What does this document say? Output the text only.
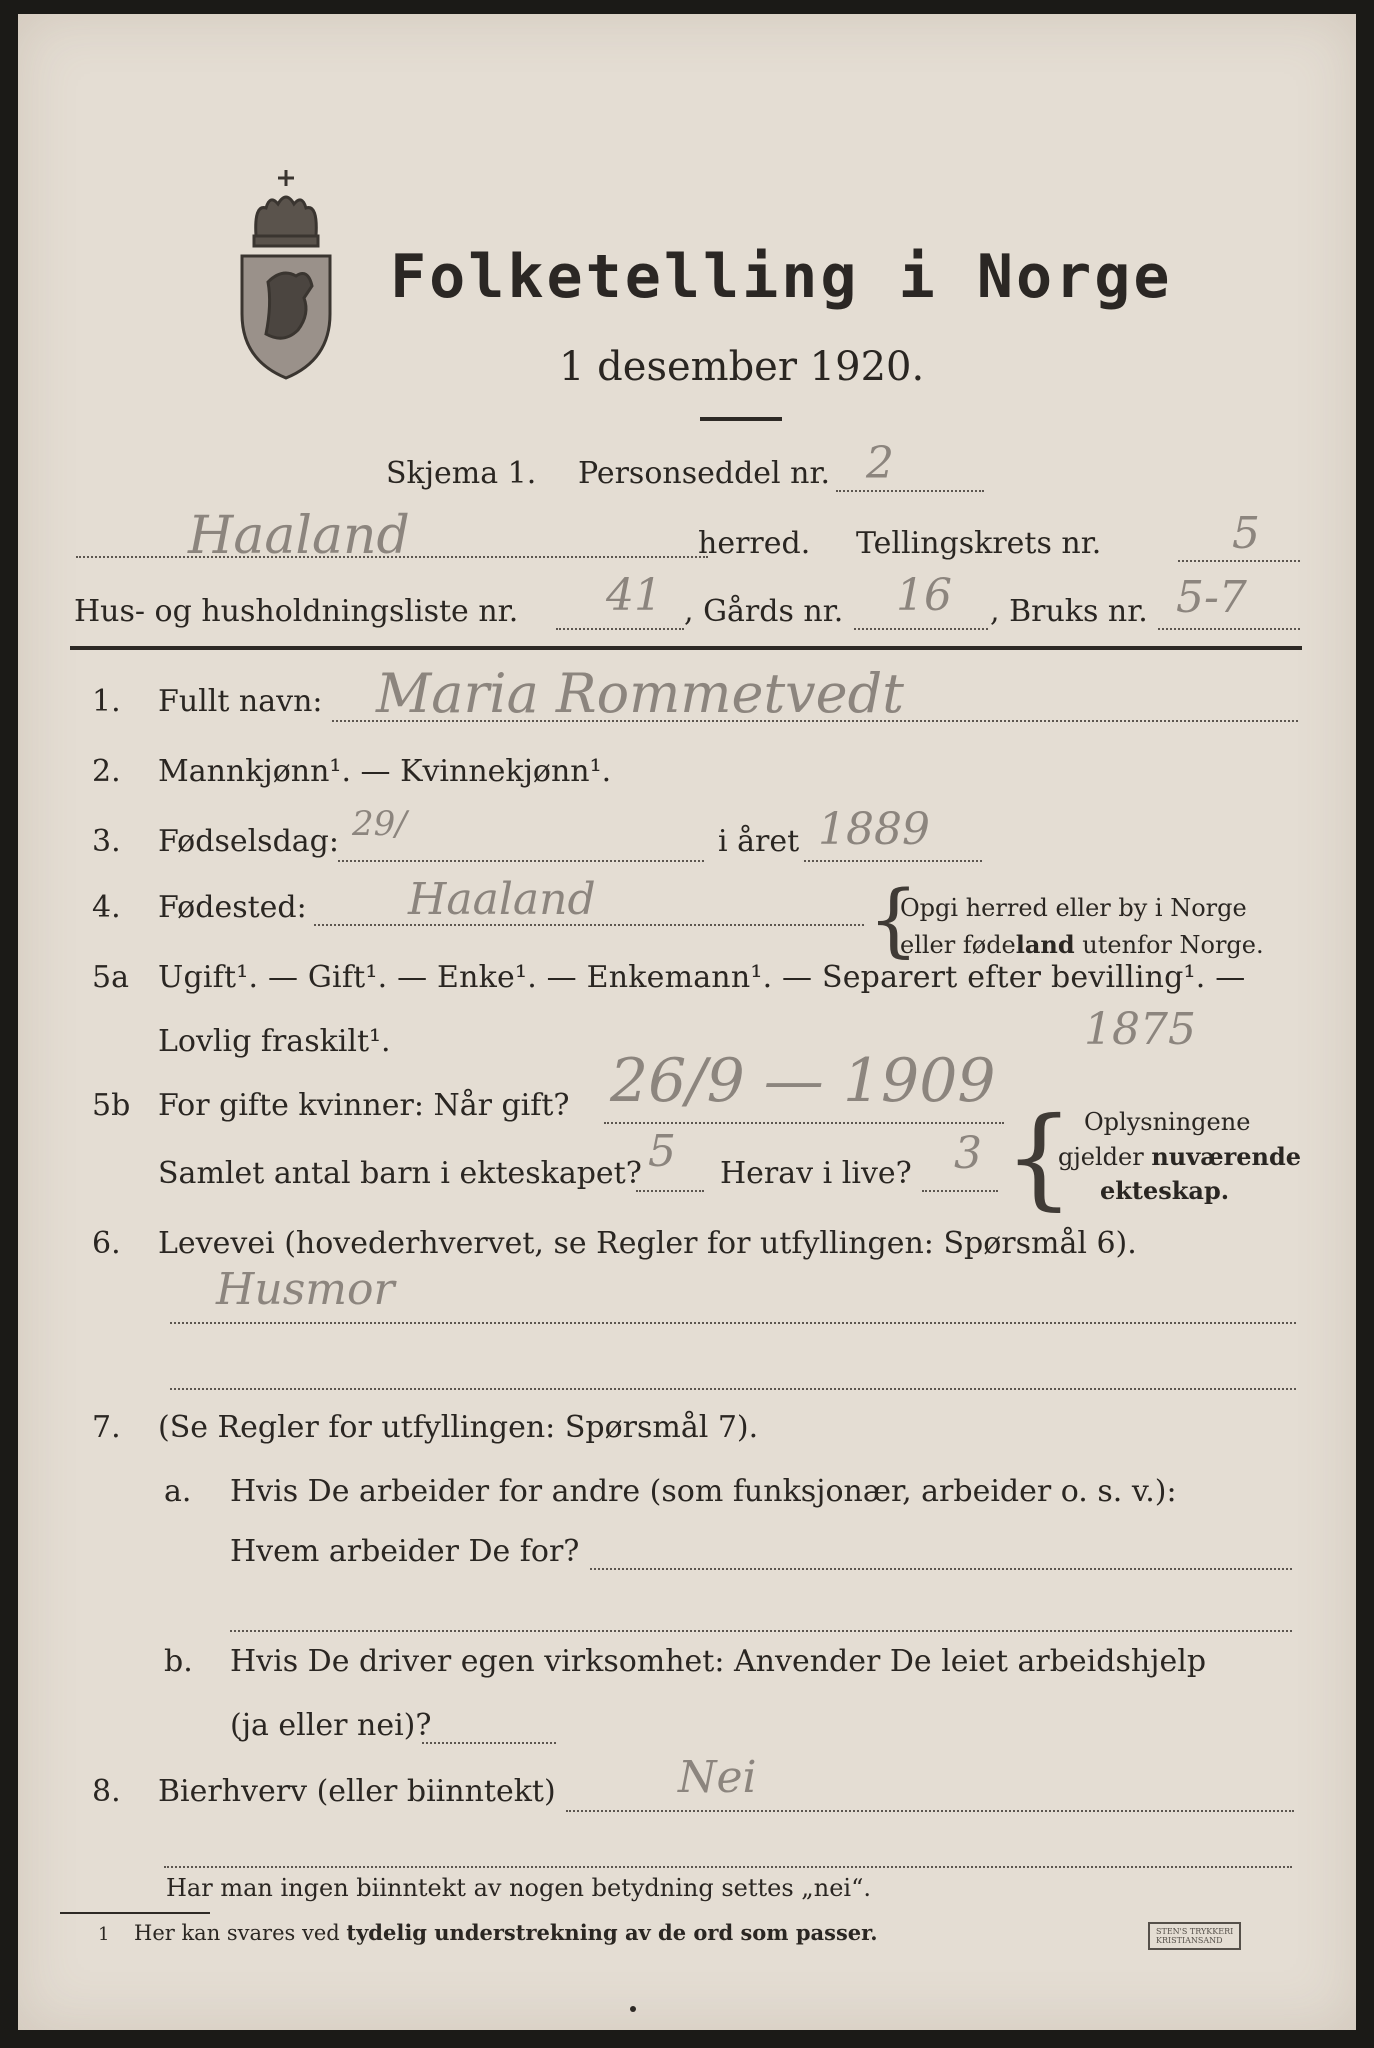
Folketelling i Norge
1 desember 1920.
Skjema 1. Personseddel nr. 2
Haaland	herred. Tellingskrets nr.	5
Hus- og husholdningsliste nr. 41 , Gårds nr. 16 , Bruks nr. 5-7
1. Fullt navn: Maria Rommetvedt
2. Mannkjønn¹. — Kvinnekjønn¹.
3. Fødselsdag: 29/	i året 1889
4. Fødested: Haaland	{
Opgi herred eller by i Norge
eller fødeland utenfor Norge.
5a Ugift¹. — Gift¹. — Enke¹. — Enkemann¹. — Separert efter bevilling¹. —
Lovlig fraskilt¹.	1875
5b For gifte kvinner: Når gift? 26/9 — 1909
Samlet antal barn i ekteskapet? 5 Herav i live? 3 { Oplysningene
gjelder nuværende
ekteskap.
6. Levevei (hovederhvervet, se Regler for utfyllingen: Spørsmål 6).
Husmor
7. (Se Regler for utfyllingen: Spørsmål 7).
a. Hvis De arbeider for andre (som funksjonær, arbeider o. s. v.):
Hvem arbeider De for?
b. Hvis De driver egen virksomhet: Anvender De leiet arbeidshjelp
(ja eller nei)?
8. Bierhverv (eller biinntekt)	Nei
Har man ingen biinntekt av nogen betydning settes „nei“.
1 Her kan svares ved tydelig understrekning av de ord som passer.	STEN'S TRYKKERI
KRISTIANSAND
